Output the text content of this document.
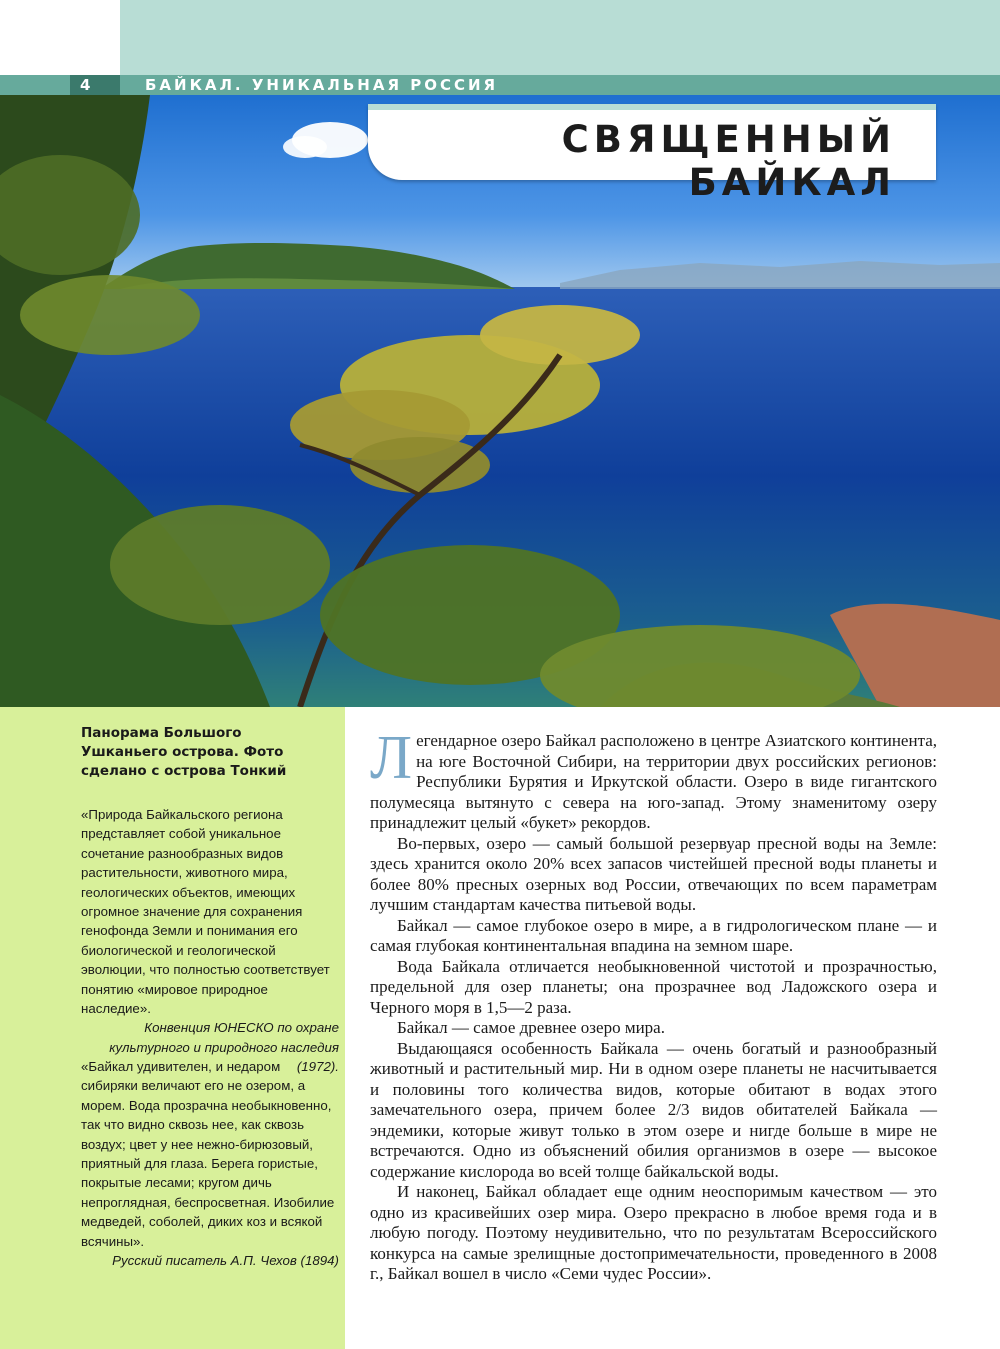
4	БАЙКАЛ. УНИКАЛЬНАЯ РОССИЯ
СВЯЩЕННЫЙ БАЙКАЛ
Панорама Большого Ушканьего острова. Фото сделано с острова Тонкий
«Природа Байкальского региона представляет собой уникальное сочетание разнообразных видов растительности, животного мира, геологических объектов, имеющих огромное значение для сохранения генофонда Земли и понимания его биологической и геологической эволюции, что полностью соответствует понятию «мировое природное наследие».
Конвенция ЮНЕСКО по охране культурного и природного наследия (1972).
«Байкал удивителен, и недаром сибиряки величают его не озером, а морем. Вода прозрачна необыкновенно, так что видно сквозь нее, как сквозь воздух; цвет у нее нежно-бирюзовый, приятный для глаза. Берега гористые, покрытые лесами; кругом дичь непроглядная, беспросветная. Изобилие медведей, соболей, диких коз и всякой всячины».
Русский писатель А.П. Чехов (1894)

Легендарное озеро Байкал расположено в центре Азиатского континента, на юге Восточной Сибири, на территории двух российских регионов: Республики Бурятия и Иркутской области. Озеро в виде гигантского полумесяца вытянуто с севера на юго-запад. Этому знаменитому озеру принадлежит целый «букет» рекордов.

Во-первых, озеро — самый большой резервуар пресной воды на Земле: здесь хранится около 20% всех запасов чистейшей пресной воды планеты и более 80% пресных озерных вод России, отвечающих по всем параметрам лучшим стандартам качества питьевой воды.

Байкал — самое глубокое озеро в мире, а в гидрологическом плане — и самая глубокая континентальная впадина на земном шаре.

Вода Байкала отличается необыкновенной чистотой и прозрачностью, предельной для озер планеты; она прозрачнее вод Ладожского озера и Черного моря в 1,5—2 раза.

Байкал — самое древнее озеро мира.

Выдающаяся особенность Байкала — очень богатый и разнообразный животный и растительный мир. Ни в одном озере планеты не насчитывается и половины того количества видов, которые обитают в водах этого замечательного озера, причем более 2/3 видов обитателей Байкала — эндемики, которые живут только в этом озере и нигде больше в мире не встречаются. Одно из объяснений обилия организмов в озере — высокое содержание кислорода во всей толще байкальской воды.

И наконец, Байкал обладает еще одним неоспоримым качеством — это одно из красивейших озер мира. Озеро прекрасно в любое время года и в любую погоду. Поэтому неудивительно, что по результатам Всероссийского конкурса на самые зрелищные достопримечательности, проведенного в 2008 г., Байкал вошел в число «Семи чудес России».
